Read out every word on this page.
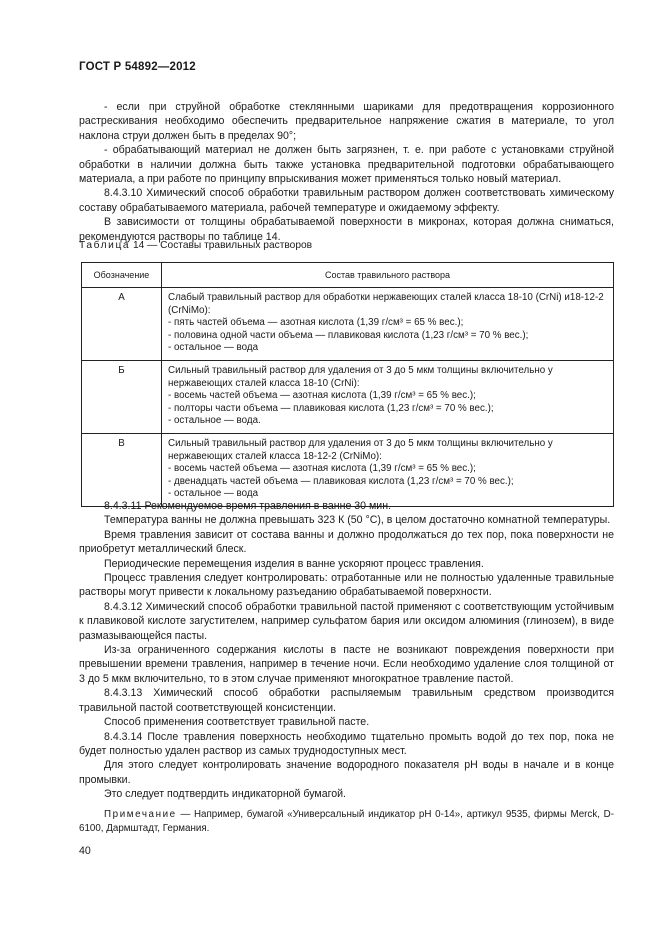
ГОСТ Р 54892—2012

- если при струйной обработке стеклянными шариками для предотвращения коррозионного растрескивания необходимо обеспечить предварительное напряжение сжатия в материале, то угол наклона струи должен быть в пределах 90°;

- обрабатывающий материал не должен быть загрязнен, т. е. при работе с установками струйной обработки в наличии должна быть также установка предварительной подготовки обрабатывающего материала, а при работе по принципу впрыскивания может применяться только новый материал.

8.4.3.10 Химический способ обработки травильным раствором должен соответствовать химическому составу обрабатываемого материала, рабочей температуре и ожидаемому эффекту.

В зависимости от толщины обрабатываемой поверхности в микронах, которая должна сниматься, рекомендуются растворы по таблице 14.

Таблица 14 — Составы травильных растворов
Обозначение	Состав травильного раствора
А	Слабый травильный раствор для обработки нержавеющих сталей класса 18-10 (CrNi) и18-12-2 (CrNiMo):
- пять частей объема — азотная кислота (1,39 г/см³ = 65 % вес.);
- половина одной части объема — плавиковая кислота (1,23 г/см³ = 70 % вес.);
- остальное — вода

Б	Сильный травильный раствор для удаления от 3 до 5 мкм толщины включительно у нержавеющих сталей класса 18-10 (CrNi):
- восемь частей объема — азотная кислота (1,39 г/см³ = 65 % вес.);
- полторы части объема — плавиковая кислота (1,23 г/см³ = 70 % вес.);
- остальное — вода.

В	Сильный травильный раствор для удаления от 3 до 5 мкм толщины включительно у нержавеющих сталей класса 18-12-2 (CrNiMo):
- восемь частей объема — азотная кислота (1,39 г/см³ = 65 % вес.);
- двенадцать частей объема — плавиковая кислота (1,23 г/см³ = 70 % вес.);
- остальное — вода

8.4.3.11 Рекомендуемое время травления в ванне 30 мин.

Температура ванны не должна превышать 323 К (50 °С), в целом достаточно комнатной температуры.

Время травления зависит от состава ванны и должно продолжаться до тех пор, пока поверхности не приобретут металлический блеск.

Периодические перемещения изделия в ванне ускоряют процесс травления.

Процесс травления следует контролировать: отработанные или не полностью удаленные травильные растворы могут привести к локальному разъеданию обрабатываемой поверхности.

8.4.3.12 Химический способ обработки травильной пастой применяют с соответствующим устойчивым к плавиковой кислоте загустителем, например сульфатом бария или оксидом алюминия (глинозем), в виде размазывающейся пасты.

Из-за ограниченного содержания кислоты в пасте не возникают повреждения поверхности при превышении времени травления, например в течение ночи. Если необходимо удаление слоя толщиной от 3 до 5 мкм включительно, то в этом случае применяют многократное травление пастой.

8.4.3.13 Химический способ обработки распыляемым травильным средством производится травильной пастой соответствующей консистенции.

Способ применения соответствует травильной пасте.

8.4.3.14 После травления поверхность необходимо тщательно промыть водой до тех пор, пока не будет полностью удален раствор из самых труднодоступных мест.

Для этого следует контролировать значение водородного показателя рН воды в начале и в конце промывки.

Это следует подтвердить индикаторной бумагой.

Примечание — Например, бумагой «Универсальный индикатор рН 0-14», артикул 9535, фирмы Merck, D-6100, Дармштадт, Германия.

40
